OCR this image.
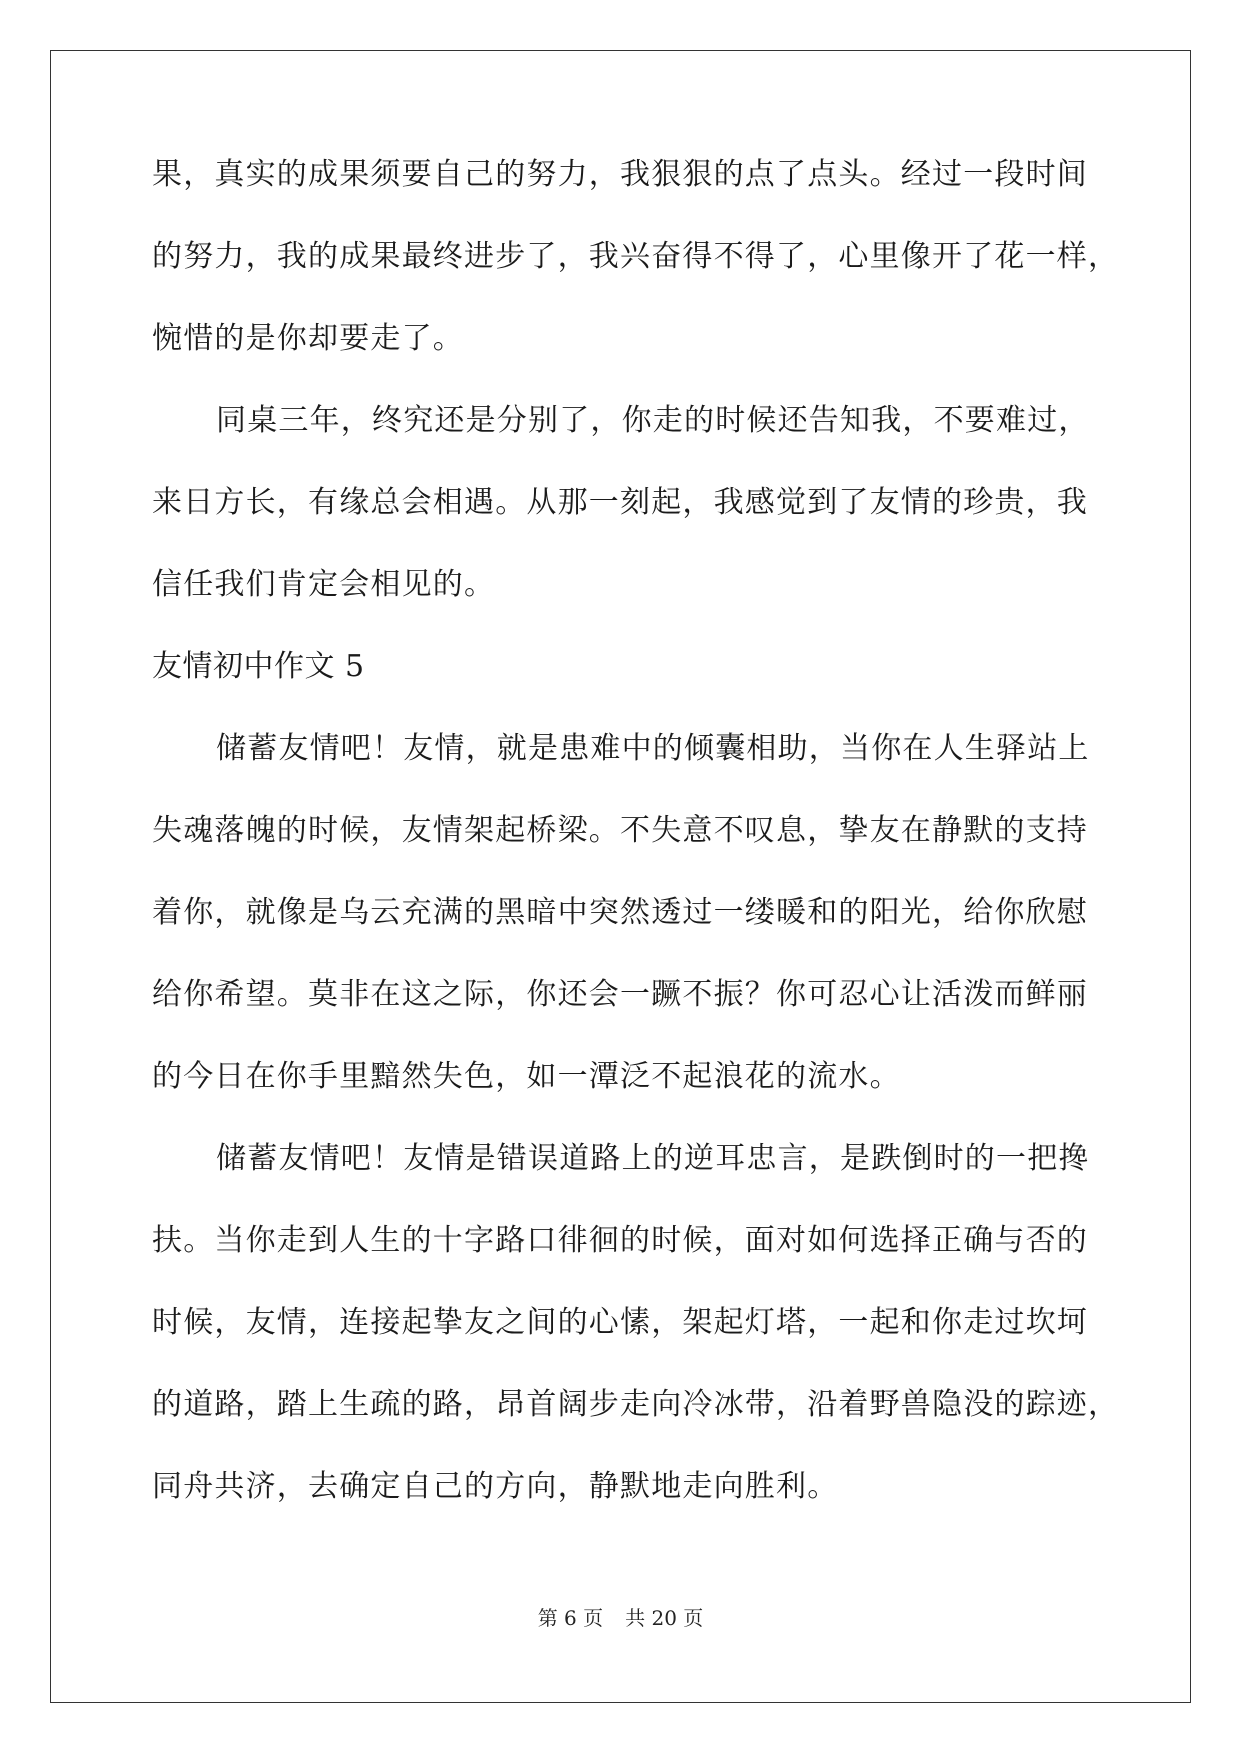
果，真实的成果须要自己的努力，我狠狠的点了点头。经过一段时间
的努力，我的成果最终进步了，我兴奋得不得了，心里像开了花一样，
惋惜的是你却要走了。
同桌三年，终究还是分别了，你走的时候还告知我，不要难过，
来日方长，有缘总会相遇。从那一刻起，我感觉到了友情的珍贵，我
信任我们肯定会相见的。
友情初中作文 5
储蓄友情吧！友情，就是患难中的倾囊相助，当你在人生驿站上
失魂落魄的时候，友情架起桥梁。不失意不叹息，挚友在静默的支持
着你，就像是乌云充满的黑暗中突然透过一缕暖和的阳光，给你欣慰
给你希望。莫非在这之际，你还会一蹶不振？你可忍心让活泼而鲜丽
的今日在你手里黯然失色，如一潭泛不起浪花的流水。
储蓄友情吧！友情是错误道路上的逆耳忠言，是跌倒时的一把搀
扶。当你走到人生的十字路口徘徊的时候，面对如何选择正确与否的
时候，友情，连接起挚友之间的心愫，架起灯塔，一起和你走过坎坷
的道路，踏上生疏的路，昂首阔步走向冷冰带，沿着野兽隐没的踪迹，
同舟共济，去确定自己的方向，静默地走向胜利。
第 6 页 共 20 页
